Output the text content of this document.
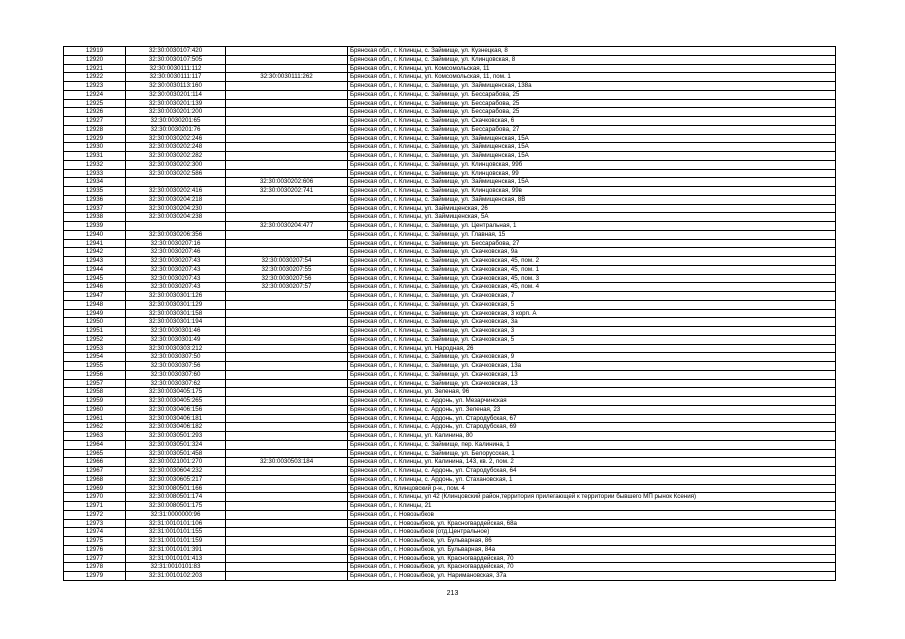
12919	32:30:0030107:420		Брянская обл., г. Клинцы, с. Займище, ул. Кузнецкая, 8
12920	32:30:0030107:505		Брянская обл., г. Клинцы, с. Займище, ул. Клинцовская, 8
12921	32:30:0030111:112		Брянская обл., г. Клинцы, ул. Комсомольская, 11
12922	32:30:0030111:117	32:30:0030111:262	Брянская обл., г. Клинцы, ул. Комсомольская, 11, пом. 1
12923	32:30:0030113:160		Брянская обл., г. Клинцы, с. Займище, ул. Займищенская, 138а
12924	32:30:0030201:114		Брянская обл., г. Клинцы, с. Займище, ул. Бессарабова, 25
12925	32:30:0030201:139		Брянская обл., г. Клинцы, с. Займище, ул. Бессарабова, 25
12926	32:30:0030201:200		Брянская обл., г. Клинцы, с. Займище, ул. Бессарабова, 25
12927	32:30:0030201:65		Брянская обл., г. Клинцы, с. Займище, ул. Скачковская, 6
12928	32:30:0030201:76		Брянская обл., г. Клинцы, с. Займище, ул. Бессарабова, 27
12929	32:30:0030202:246		Брянская обл., г. Клинцы, с. Займище, ул. Займищенская, 15А
12930	32:30:0030202:248		Брянская обл., г. Клинцы, с. Займище, ул. Займищенская, 15А
12931	32:30:0030202:282		Брянская обл., г. Клинцы, с. Займище, ул. Займищенская, 15А
12932	32:30:0030202:300		Брянская обл., г. Клинцы, с. Займище, ул. Клинцовская, 99б
12933	32:30:0030202:586		Брянская обл., г. Клинцы, с. Займище, ул. Клинцовская, 99
12934		32:30:0030202:606	Брянская обл., г. Клинцы, с. Займище, ул. Займищенская, 15А
12935	32:30:0030202:416	32:30:0030202:741	Брянская обл., г. Клинцы, с. Займище, ул. Клинцовская, 99в
12936	32:30:0030204:218		Брянская обл., г. Клинцы, с. Займище, ул. Займищенская, 8В
12937	32:30:0030204:230		Брянская обл., г. Клинцы, ул. Займищенская, 26
12938	32:30:0030204:238		Брянская обл., г. Клинцы, ул. Займищенская, 5А
12939		32:30:0030204:477	Брянская обл., г. Клинцы, с. Займище, ул. Центральная, 1
12940	32:30:0030206:356		Брянская обл., г. Клинцы, с. Займище, ул. Главная, 15
12941	32:30:0030207:16		Брянская обл., г. Клинцы, с. Займище, ул. Бессарабова, 27
12942	32:30:0030207:46		Брянская обл., г. Клинцы, с. Займище, ул. Скачковская, 9а
12943	32:30:0030207:43	32:30:0030207:54	Брянская обл., г. Клинцы, с. Займище, ул. Скачковская, 45, пом. 2
12944	32:30:0030207:43	32:30:0030207:55	Брянская обл., г. Клинцы, с. Займище, ул. Скачковская, 45, пом. 1
12945	32:30:0030207:43	32:30:0030207:56	Брянская обл., г. Клинцы, с. Займище, ул. Скачковская, 45, пом. 3
12946	32:30:0030207:43	32:30:0030207:57	Брянская обл., г. Клинцы, с. Займище, ул. Скачковская, 45, пом. 4
12947	32:30:0030301:126		Брянская обл., г. Клинцы, с. Займище, ул. Скачковская, 7
12948	32:30:0030301:129		Брянская обл., г. Клинцы, с. Займище, ул. Скачковская, 5
12949	32:30:0030301:158		Брянская обл., г. Клинцы, с. Займище, ул. Скачковская, 3 корп. А
12950	32:30:0030301:194		Брянская обл., г. Клинцы, с. Займище, ул. Скачковская, 3а
12951	32:30:0030301:46		Брянская обл., г. Клинцы, с. Займище, ул. Скачковская, 3
12952	32:30:0030301:49		Брянская обл., г. Клинцы, с. Займище, ул. Скачковская, 5
12953	32:30:0030303:212		Брянская обл., г. Клинцы, ул. Народная, 26
12954	32:30:0030307:50		Брянская обл., г. Клинцы, с. Займище, ул. Скачковская, 9
12955	32:30:0030307:56		Брянская обл., г. Клинцы, с. Займище, ул. Скачковская, 13а
12956	32:30:0030307:60		Брянская обл., г. Клинцы, с. Займище, ул. Скачковская, 13
12957	32:30:0030307:62		Брянская обл., г. Клинцы, с. Займище, ул. Скачковская, 13
12958	32:30:0030405:175		Брянская обл., г. Клинцы, ул. Зеленая, 96
12959	32:30:0030405:265		Брянская обл., г. Клинцы, с. Ардонь, ул. Мезарчинская
12960	32:30:0030406:156		Брянская обл., г. Клинцы, с. Ардонь, ул. Зеленая, 23
12961	32:30:0030406:181		Брянская обл., г. Клинцы, с. Ардонь, ул. Стародубская, 67
12962	32:30:0030406:182		Брянская обл., г. Клинцы, с. Ардонь, ул. Стародубская, 69
12963	32:30:0030501:293		Брянская обл., г. Клинцы, ул. Калинина, 80
12964	32:30:0030501:324		Брянская обл., г. Клинцы, с. Займище, пер. Калинина, 1
12965	32:30:0030501:458		Брянская обл., г. Клинцы, с. Займище, ул. Белорусская, 1
12966	32:30:0021001:270	32:30:0030503:184	Брянская обл., г. Клинцы, ул. Калинина, 143, кв. 2, пом. 2
12967	32:30:0030604:232		Брянская обл., г. Клинцы, с. Ардонь, ул. Стародубская, 64
12968	32:30:0030605:217		Брянская обл., г. Клинцы, с. Ардонь, ул. Стахановская, 1
12969	32:30:0080501:166		Брянская обл., Клинцовский р-н., пом. 4
12970	32:30:0080501:174		Брянская обл., г. Клинцы, ул 42 (Клинцовский район,территория прилегающей к территории бывшего МП рынок Ксения)
12971	32:30:0080501:175		Брянская обл., г. Клинцы, 21
12972	32:31:0000000:96		Брянская обл., г. Новозыбков
12973	32:31:0010101:106		Брянская обл., г. Новозыбков, ул. Красногвардейская, 68а
12974	32:31:0010101:155		Брянская обл., г. Новозыбков (отд.Центральное)
12975	32:31:0010101:159		Брянская обл., г. Новозыбков, ул. Бульварная, 86
12976	32:31:0010101:391		Брянская обл., г. Новозыбков, ул. Бульварная, 84а
12977	32:31:0010101:413		Брянская обл., г. Новозыбков, ул. Красногвардейская, 70
12978	32:31:0010101:83		Брянская обл., г. Новозыбков, ул. Красногвардейская, 70
12979	32:31:0010102:203		Брянская обл., г. Новозыбков, ул. Наримановская, 37а
213
